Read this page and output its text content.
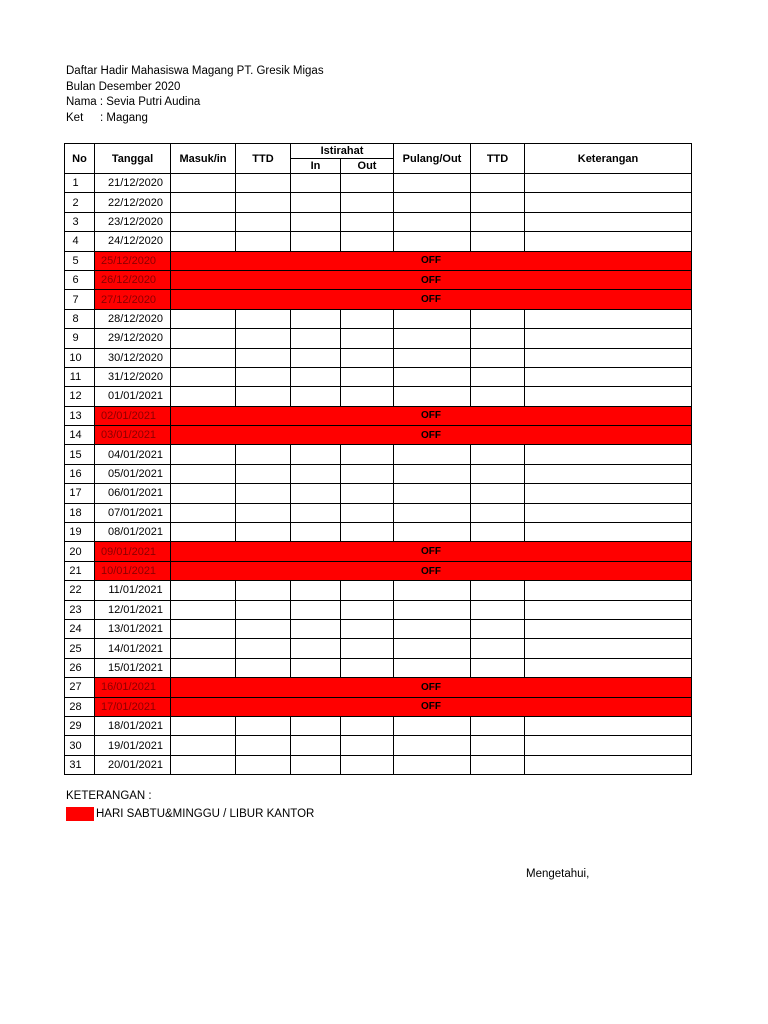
Daftar Hadir Mahasiswa Magang PT. Gresik Migas
Bulan Desember 2020
Nama : Sevia Putri Audina
Ket	: Magang
No	Tanggal	Masuk/in	TTD	Istirahat		Pulang/Out	TTD	Keterangan
				In	Out			
1	21/12/2020							
2	22/12/2020							
3	23/12/2020							
4	24/12/2020							
5	25/12/2020	OFF						
6	26/12/2020	OFF						
7	27/12/2020	OFF						
8	28/12/2020							
9	29/12/2020							
10	30/12/2020							
11	31/12/2020							
12	01/01/2021							
13	02/01/2021	OFF						
14	03/01/2021	OFF						
15	04/01/2021							
16	05/01/2021							
17	06/01/2021							
18	07/01/2021							
19	08/01/2021							
20	09/01/2021	OFF						
21	10/01/2021	OFF						
22	11/01/2021							
23	12/01/2021							
24	13/01/2021							
25	14/01/2021							
26	15/01/2021							
27	16/01/2021	OFF						
28	17/01/2021	OFF						
29	18/01/2021							
30	19/01/2021							
31	20/01/2021							
KETERANGAN :
HARI SABTU&MINGGU / LIBUR KANTOR
Mengetahui,
